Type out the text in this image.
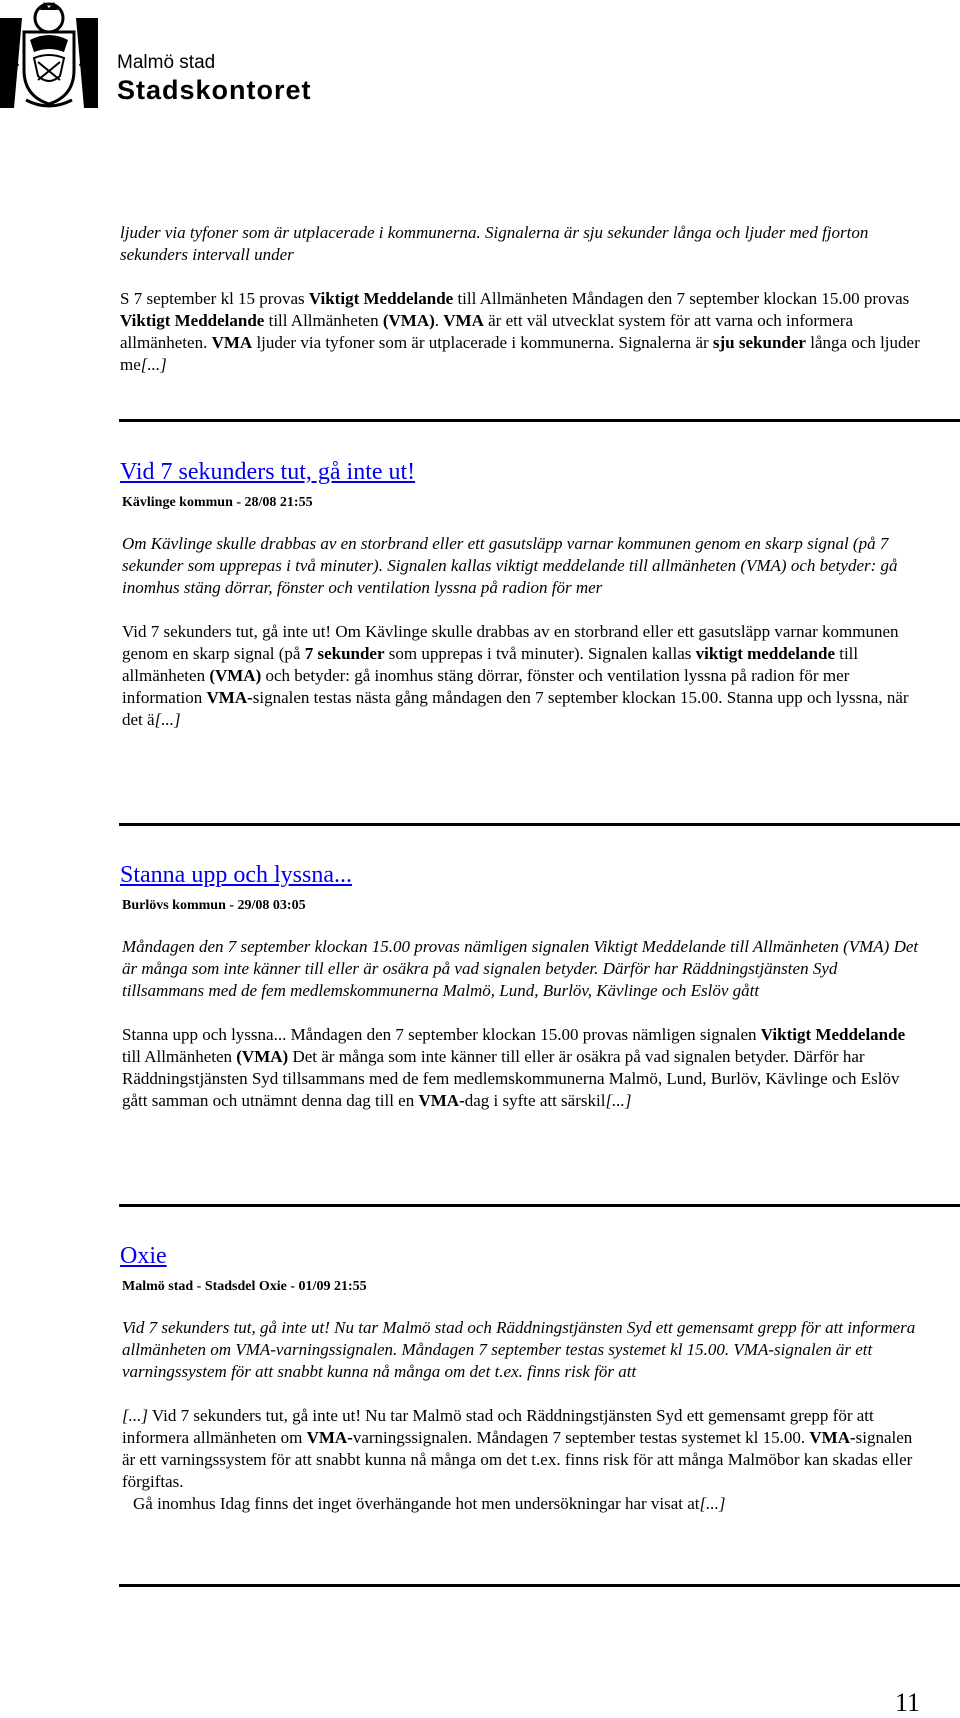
Malmö stad
Stadskontoret

ljuder via tyfoner som är utplacerade i kommunerna. Signalerna är sju sekunder långa och ljuder med fjorton sekunders intervall under

S 7 september kl 15 provas Viktigt Meddelande till Allmänheten Måndagen den 7 september klockan 15.00 provas Viktigt Meddelande till Allmänheten (VMA). VMA är ett väl utvecklat system för att varna och informera allmänheten. VMA ljuder via tyfoner som är utplacerade i kommunerna. Signalerna är sju sekunder långa och ljuder me[...]

Vid 7 sekunders tut, gå inte ut!

Kävlinge kommun - 28/08 21:55

Om Kävlinge skulle drabbas av en storbrand eller ett gasutsläpp varnar kommunen genom en skarp signal (på 7 sekunder som upprepas i två minuter). Signalen kallas viktigt meddelande till allmänheten (VMA) och betyder: gå inomhus stäng dörrar, fönster och ventilation lyssna på radion för mer

Vid 7 sekunders tut, gå inte ut! Om Kävlinge skulle drabbas av en storbrand eller ett gasutsläpp varnar kommunen genom en skarp signal (på 7 sekunder som upprepas i två minuter). Signalen kallas viktigt meddelande till allmänheten (VMA) och betyder: gå inomhus stäng dörrar, fönster och ventilation lyssna på radion för mer information VMA-signalen testas nästa gång måndagen den 7 september klockan 15.00. Stanna upp och lyssna, när det ä[...]

Stanna upp och lyssna...

Burlövs kommun - 29/08 03:05

Måndagen den 7 september klockan 15.00 provas nämligen signalen Viktigt Meddelande till Allmänheten (VMA) Det är många som inte känner till eller är osäkra på vad signalen betyder. Därför har Räddningstjänsten Syd tillsammans med de fem medlemskommunerna Malmö, Lund, Burlöv, Kävlinge och Eslöv gått

Stanna upp och lyssna... Måndagen den 7 september klockan 15.00 provas nämligen signalen Viktigt Meddelande till Allmänheten (VMA) Det är många som inte känner till eller är osäkra på vad signalen betyder. Därför har Räddningstjänsten Syd tillsammans med de fem medlemskommunerna Malmö, Lund, Burlöv, Kävlinge och Eslöv gått samman och utnämnt denna dag till en VMA-dag i syfte att särskil[...]

Oxie

Malmö stad - Stadsdel Oxie - 01/09 21:55

Vid 7 sekunders tut, gå inte ut! Nu tar Malmö stad och Räddningstjänsten Syd ett gemensamt grepp för att informera allmänheten om VMA-varningssignalen. Måndagen 7 september testas systemet kl 15.00. VMA-signalen är ett varningssystem för att snabbt kunna nå många om det t.ex. finns risk för att

[...] Vid 7 sekunders tut, gå inte ut! Nu tar Malmö stad och Räddningstjänsten Syd ett gemensamt grepp för att informera allmänheten om VMA-varningssignalen. Måndagen 7 september testas systemet kl 15.00. VMA-signalen är ett varningssystem för att snabbt kunna nå många om det t.ex. finns risk för att många Malmöbor kan skadas eller förgiftas.
Gå inomhus Idag finns det inget överhängande hot men undersökningar har visat at[...]

11
